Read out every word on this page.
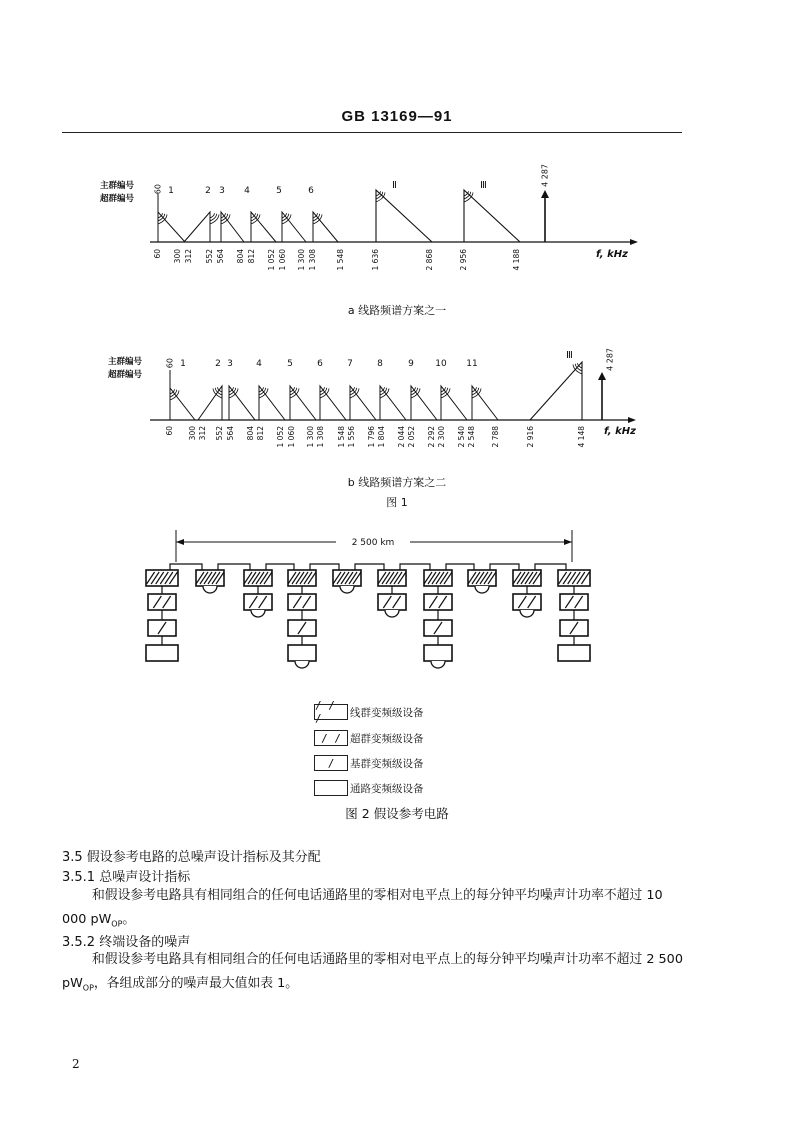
GB 13169—91
主群编号
超群编号
60 1	2 3 4	5	6	Ⅱ	Ⅲ	4 287
f, kHz
60 300 312 552 564 804 812 1 052 1 060 1 300 1 308	1 548	1 636	2 868	2 956	4 188
a 线路频谱方案之一
主群编号
超群编号
60 1	2 3	4	5	6	7	8	9 10 11
Ⅲ	4 287
f, kHz
60 300 312 552 564 804 812 1 052 1 060 1 300 1 308 1 548 1 556 1 796 1 804 2 044 2 052 2 292 2 300 2 540 2 548 2 788	2 916	4 148
b 线路频谱方案之二
图 1
2 500 km
/ / /	线群变频级设备
/ / 超群变频级设备
/	基群变频级设备
通路变频级设备
图 2 假设参考电路
3.5 假设参考电路的总噪声设计指标及其分配
3.5.1 总噪声设计指标
和假设参考电路具有相同组合的任何电话通路里的零相对电平点上的每分钟平均噪声计功率不超过 10 000 $pW_{OP}$。
3.5.2 终端设备的噪声
和假设参考电路具有相同组合的任何电话通路里的零相对电平点上的每分钟平均噪声计功率不超过 2 500 $pW_{OP}$，各组成部分的噪声最大值如表 1。
2
